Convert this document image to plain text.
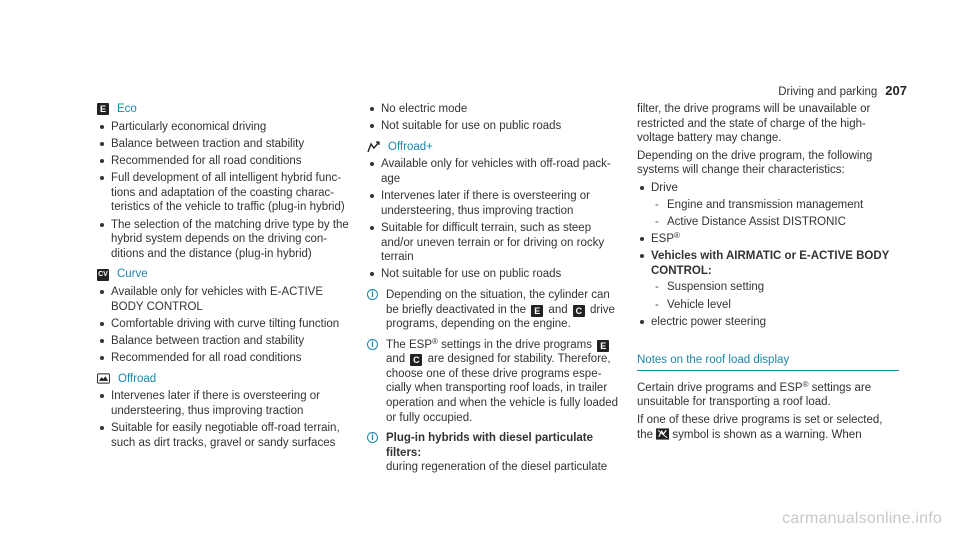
Driving and parking 207
E Eco
Particularly economical driving
Balance between traction and stability
Recommended for all road conditions
Full development of all intelligent hybrid func-tions and adaptation of the coasting charac-teristics of the vehicle to traffic (plug-in hybrid)
The selection of the matching drive type by the hybrid system depends on the driving con-ditions and the distance (plug-in hybrid)
CV Curve
Available only for vehicles with E-ACTIVE BODY CONTROL
Comfortable driving with curve tilting function
Balance between traction and stability
Recommended for all road conditions
Offroad
Intervenes later if there is oversteering or understeering, thus improving traction
Suitable for easily negotiable off-road terrain, such as dirt tracks, gravel or sandy surfaces
No electric mode
Not suitable for use on public roads
Offroad+
Available only for vehicles with off-road pack-age
Intervenes later if there is oversteering or understeering, thus improving traction
Suitable for difficult terrain, such as steep and/or uneven terrain or for driving on rocky terrain
Not suitable for use on public roads
i	Depending on the situation, the cylinder can be briefly deactivated in the E and C drive programs, depending on the engine.
i	The ESP® settings in the drive programs E and C are designed for stability. Therefore, choose one of these drive programs espe-cially when transporting roof loads, in trailer operation and when the vehicle is fully loaded or fully occupied.
i	Plug-in hybrids with diesel particulate filters:
during regeneration of the diesel particulate

filter, the drive programs will be unavailable or restricted and the state of charge of the high-voltage battery may change.

Depending on the drive program, the following systems will change their characteristics:

Drive
- Engine and transmission management
- Active Distance Assist DISTRONIC
ESP®
Vehicles with AIRMATIC or E-ACTIVE BODY CONTROL:
- Suspension setting
- Vehicle level
electric power steering
Notes on the roof load display

Certain drive programs and ESP® settings are unsuitable for transporting a roof load.

If one of these drive programs is set or selected, the symbol is shown as a warning. When

carmanualsonline.info
